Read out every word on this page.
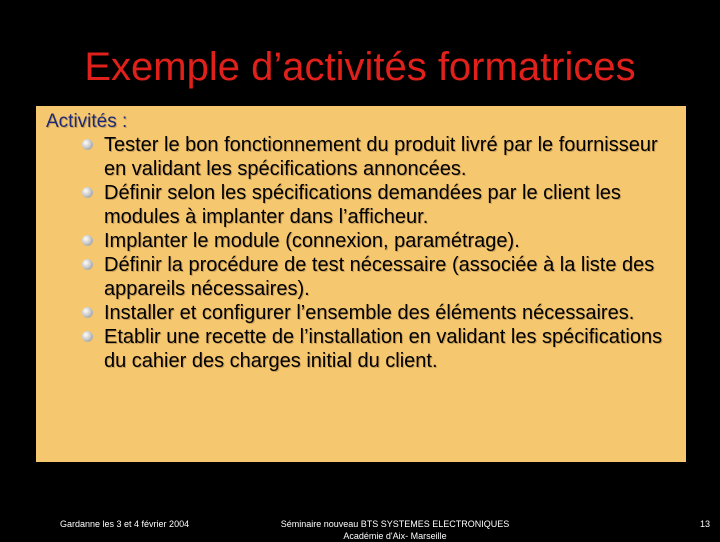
Exemple d’activités formatrices
Activités :
Tester le bon fonctionnement du produit livré par le fournisseur en validant les spécifications annoncées.
Définir selon les spécifications demandées par le client les modules à implanter dans l’afficheur.
Implanter le module (connexion, paramétrage).
Définir la procédure de test nécessaire (associée à la liste des appareils nécessaires).
Installer et configurer l’ensemble des éléments nécessaires.
Etablir une recette de l’installation en validant les spécifications du cahier des charges initial du client.
Gardanne les 3 et 4 février 2004	Séminaire nouveau BTS SYSTEMES ELECTRONIQUES
Académie d'Aix- Marseille
13
